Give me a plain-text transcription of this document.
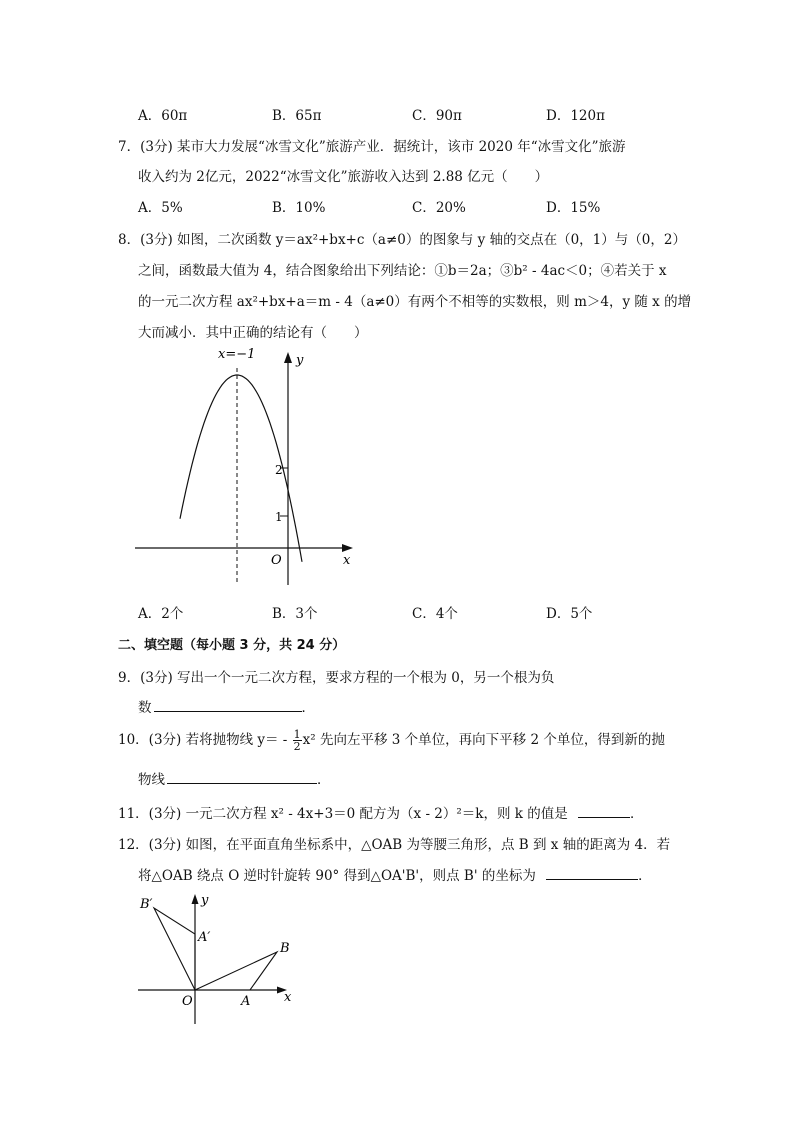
A．60π	B．65π	C．90π	D．120π
7．(3分) 某市大力发展“冰雪文化”旅游产业．据统计，该市 2020 年“冰雪文化”旅游
收入约为 2亿元，2022“冰雪文化”旅游收入达到 2.88 亿元（　　）
A．5%	B．10%	C．20%	D．15%
8．(3分) 如图，二次函数 y＝ax²+bx+c（a≠0）的图象与 y 轴的交点在（0，1）与（0，2）
之间，函数最大值为 4，结合图象给出下列结论：①b＝2a；③b² - 4ac＜0；④若关于 x
的一元二次方程 ax²+bx+a＝m - 4（a≠0）有两个不相等的实数根，则 m＞4，y 随 x 的增
大而减小．其中正确的结论有（　　）
x=−1	y
x
O
1
2
A．2个	B．3个	C．4个	D．5个
二、填空题（每小题 3 分，共 24 分）
9．(3分) 写出一个一元二次方程，要求方程的一个根为 0，另一个根为负
数	．
10．(3分) 若将抛物线 $y= - \frac{1}{2} x^2$ 先向左平移 3 个单位，再向下平移 2 个单位，得到新的抛
物线	．
11．(3分) 一元二次方程 x² - 4x+3＝0 配方为（x - 2）²＝k，则 k 的值是	．
12．(3分) 如图，在平面直角坐标系中，△OAB 为等腰三角形，点 B 到 x 轴的距离为 4．若
将△OAB 绕点 O 逆时针旋转 90° 得到△OA'B'，则点 B' 的坐标为	．
B′	y
A′
B
O	A	x
